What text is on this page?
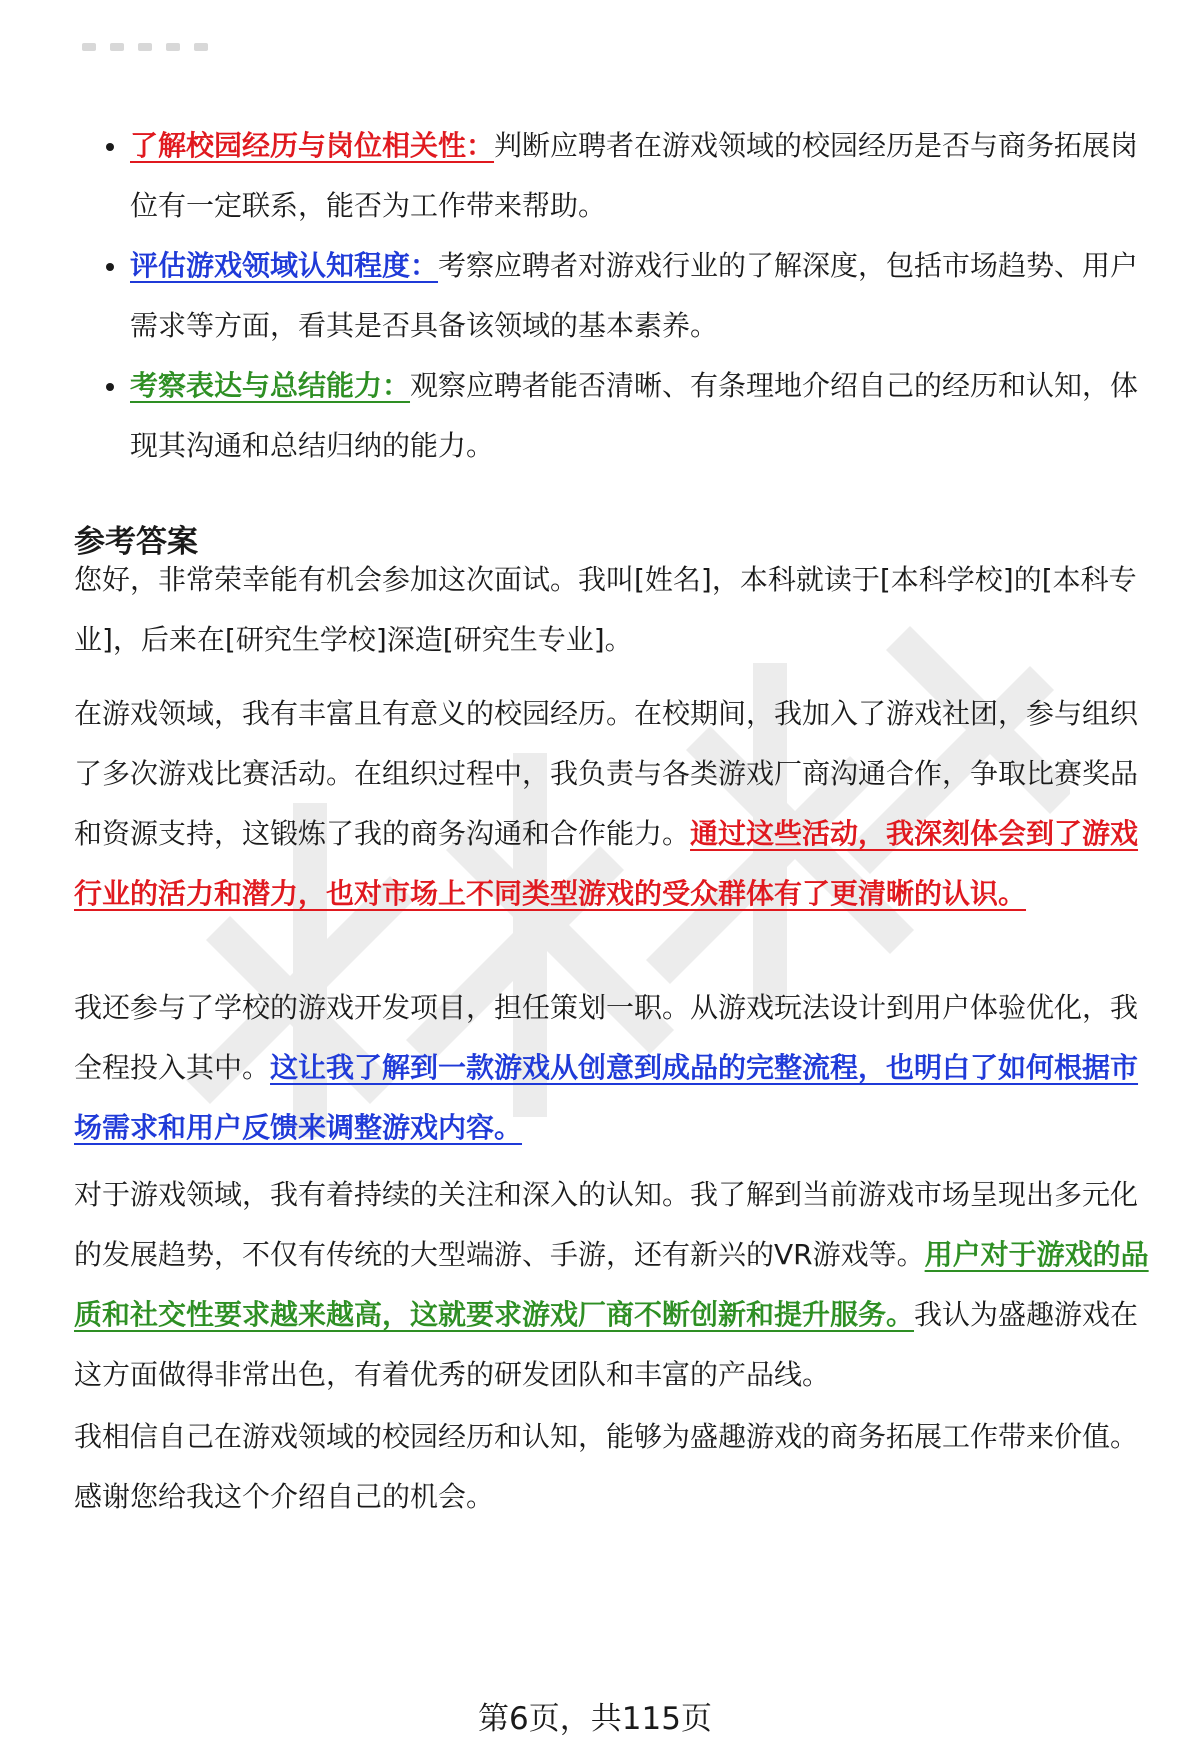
了解校园经历与岗位相关性：判断应聘者在游戏领域的校园经历是否与商务拓展岗位有一定联系，能否为工作带来帮助。
评估游戏领域认知程度：考察应聘者对游戏行业的了解深度，包括市场趋势、用户需求等方面，看其是否具备该领域的基本素养。
考察表达与总结能力：观察应聘者能否清晰、有条理地介绍自己的经历和认知，体现其沟通和总结归纳的能力。
参考答案

您好，非常荣幸能有机会参加这次面试。我叫[姓名]，本科就读于[本科学校]的[本科专业]，后来在[研究生学校]深造[研究生专业]。

在游戏领域，我有丰富且有意义的校园经历。在校期间，我加入了游戏社团，参与组织了多次游戏比赛活动。在组织过程中，我负责与各类游戏厂商沟通合作，争取比赛奖品和资源支持，这锻炼了我的商务沟通和合作能力。通过这些活动，我深刻体会到了游戏行业的活力和潜力，也对市场上不同类型游戏的受众群体有了更清晰的认识。

我还参与了学校的游戏开发项目，担任策划一职。从游戏玩法设计到用户体验优化，我全程投入其中。这让我了解到一款游戏从创意到成品的完整流程，也明白了如何根据市场需求和用户反馈来调整游戏内容。

对于游戏领域，我有着持续的关注和深入的认知。我了解到当前游戏市场呈现出多元化的发展趋势，不仅有传统的大型端游、手游，还有新兴的VR游戏等。用户对于游戏的品质和社交性要求越来越高，这就要求游戏厂商不断创新和提升服务。我认为盛趣游戏在这方面做得非常出色，有着优秀的研发团队和丰富的产品线。

我相信自己在游戏领域的校园经历和认知，能够为盛趣游戏的商务拓展工作带来价值。感谢您给我这个介绍自己的机会。

第6页，共115页
